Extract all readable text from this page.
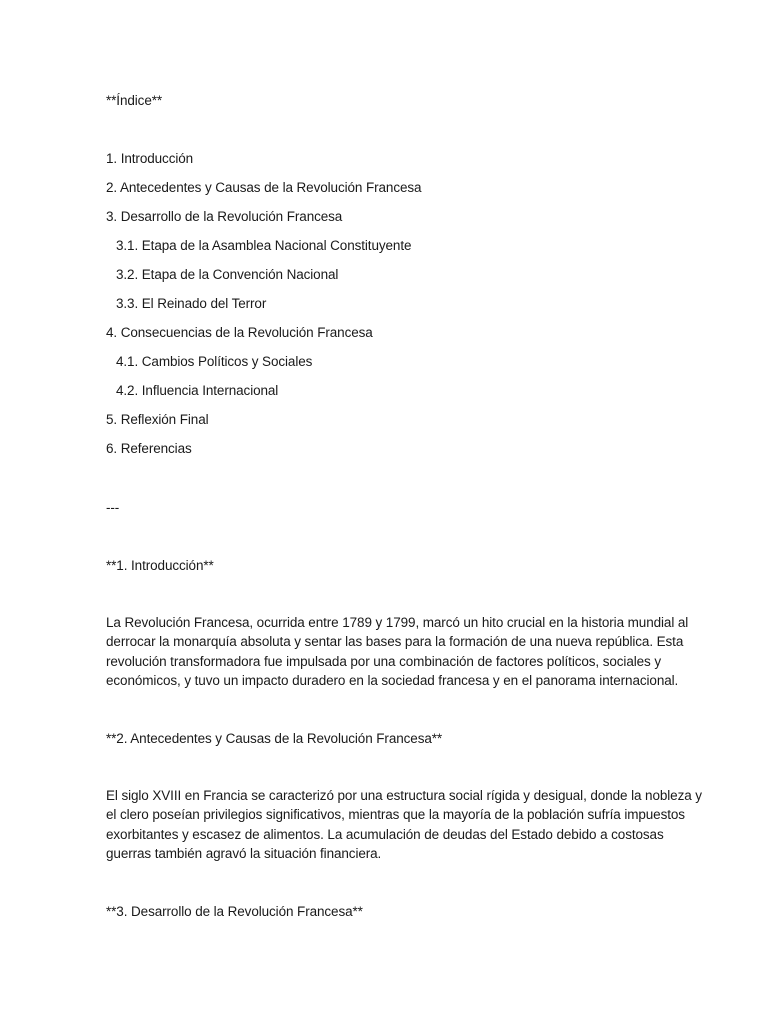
**Índice**
1. Introducción
2. Antecedentes y Causas de la Revolución Francesa
3. Desarrollo de la Revolución Francesa
3.1. Etapa de la Asamblea Nacional Constituyente
3.2. Etapa de la Convención Nacional
3.3. El Reinado del Terror
4. Consecuencias de la Revolución Francesa
4.1. Cambios Políticos y Sociales
4.2. Influencia Internacional
5. Reflexión Final
6. Referencias
---
**1. Introducción**
La Revolución Francesa, ocurrida entre 1789 y 1799, marcó un hito crucial en la historia mundial al
derrocar la monarquía absoluta y sentar las bases para la formación de una nueva república. Esta
revolución transformadora fue impulsada por una combinación de factores políticos, sociales y
económicos, y tuvo un impacto duradero en la sociedad francesa y en el panorama internacional.
**2. Antecedentes y Causas de la Revolución Francesa**
El siglo XVIII en Francia se caracterizó por una estructura social rígida y desigual, donde la nobleza y
el clero poseían privilegios significativos, mientras que la mayoría de la población sufría impuestos
exorbitantes y escasez de alimentos. La acumulación de deudas del Estado debido a costosas
guerras también agravó la situación financiera.
**3. Desarrollo de la Revolución Francesa**
